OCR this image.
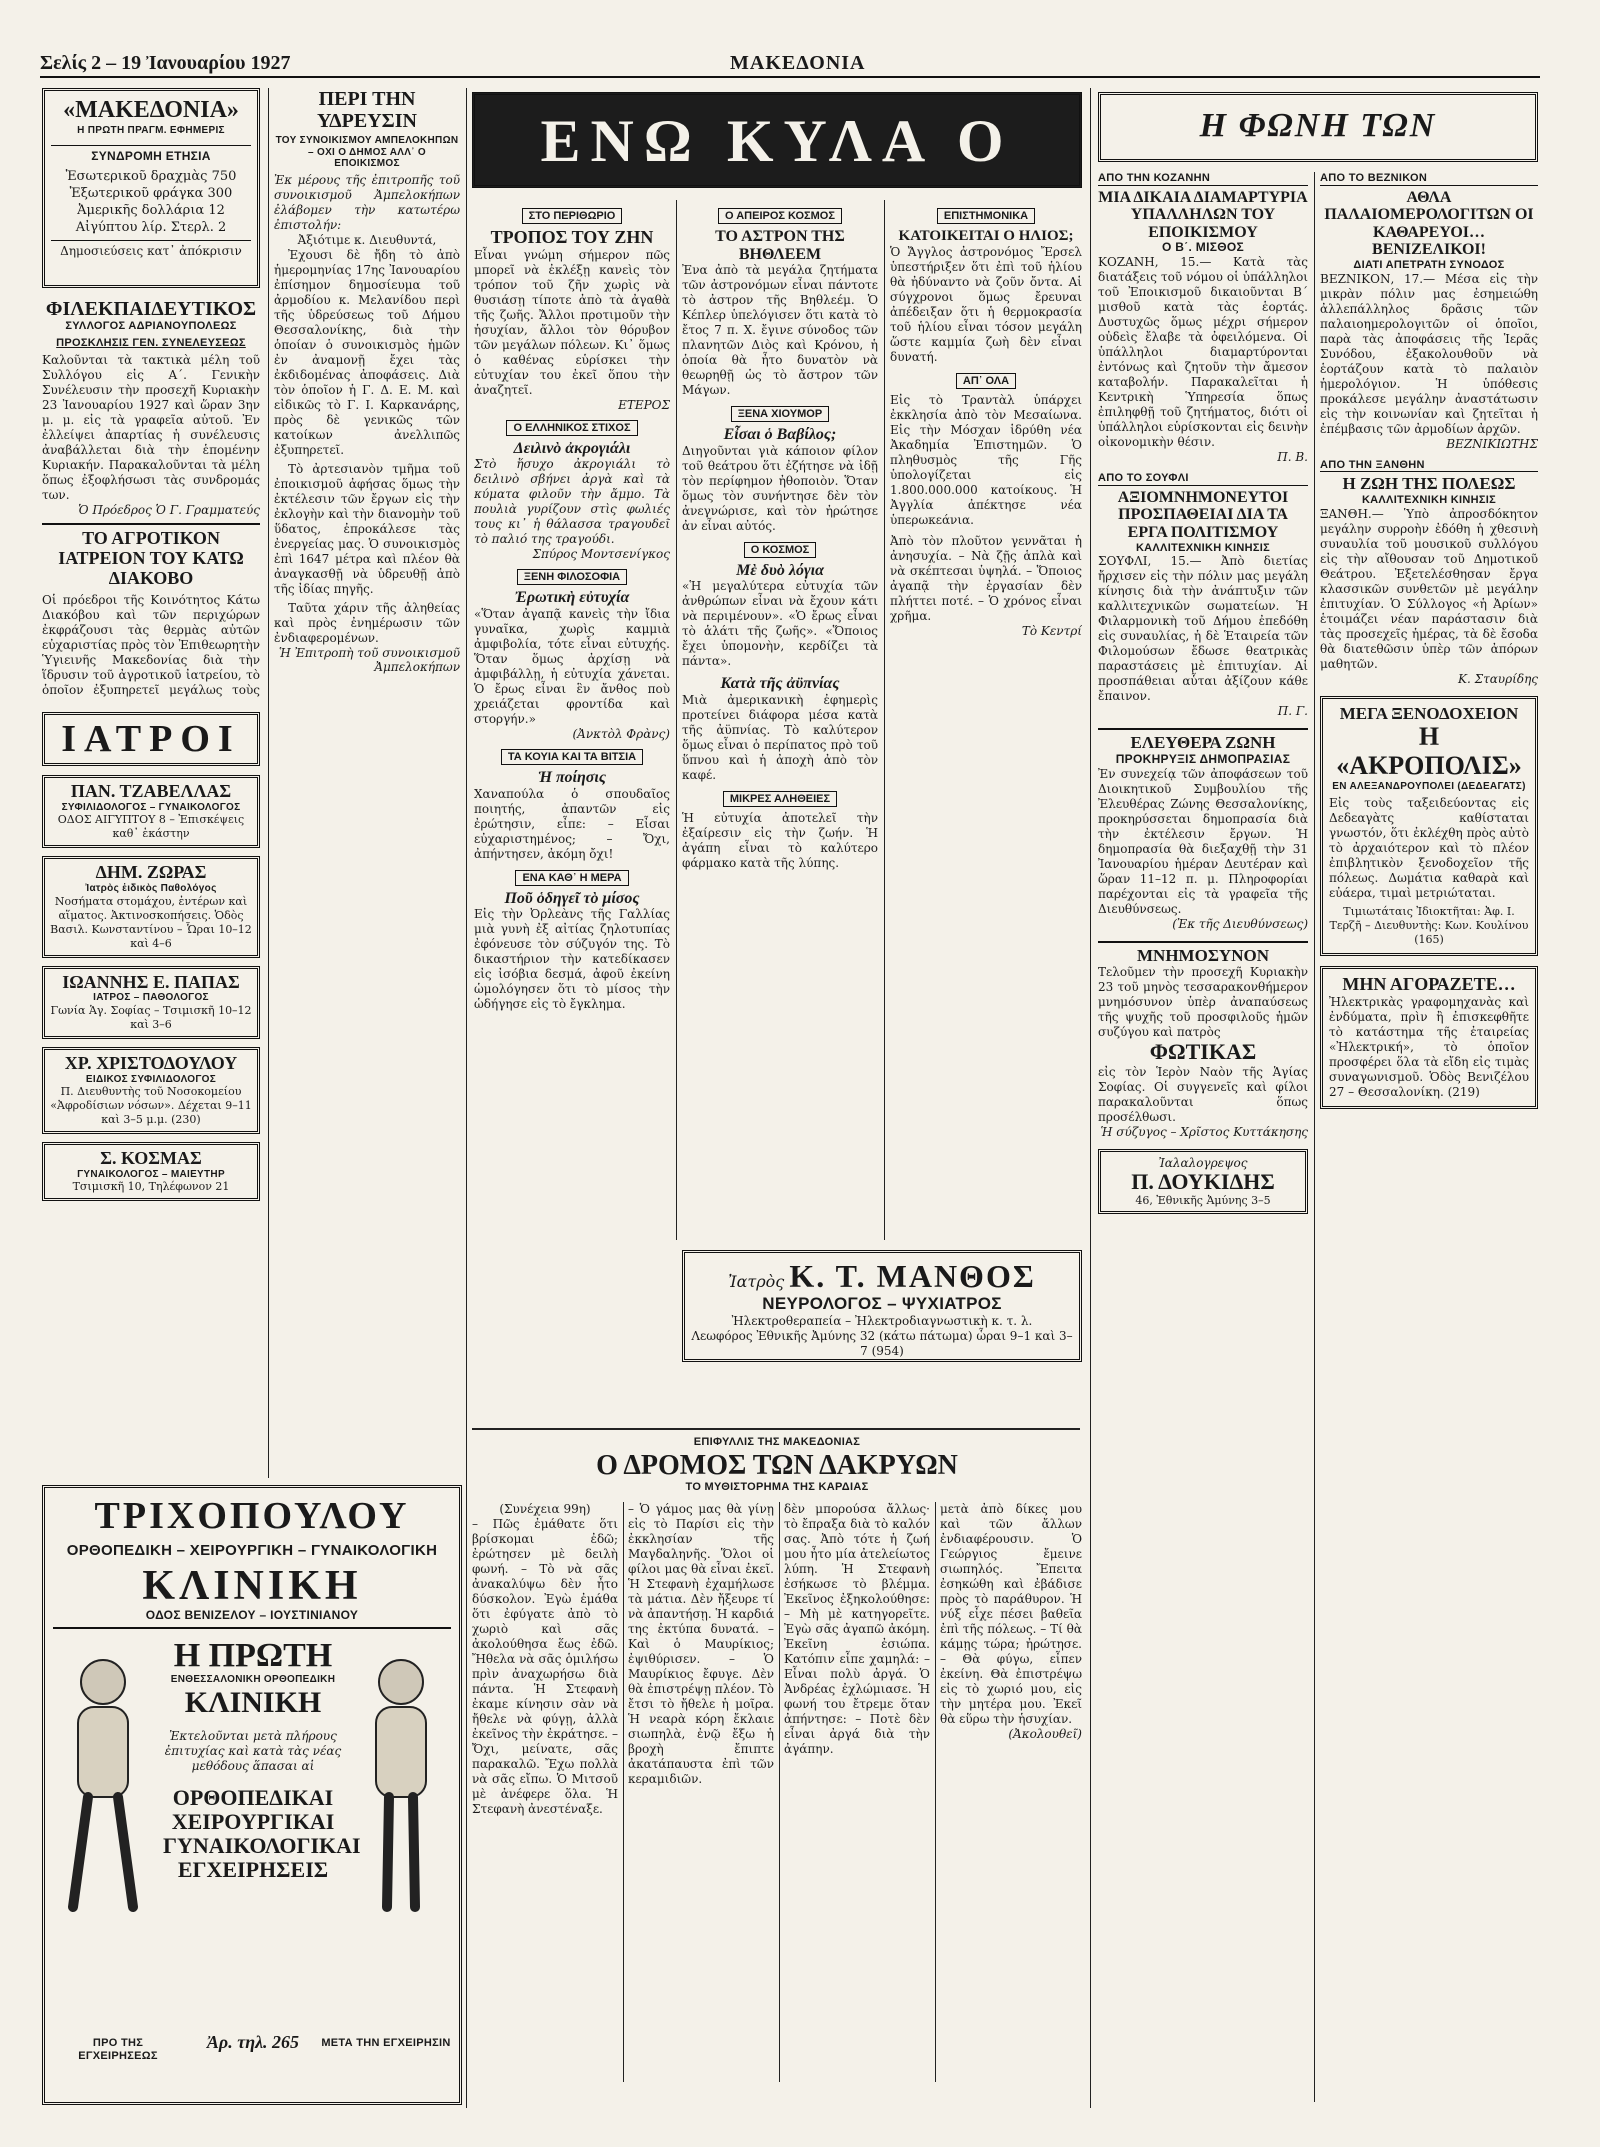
Σελίς 2 – 19 Ἰανουαρίου 1927	ΜΑΚΕΔΟΝΙΑ
«ΜΑΚΕΔΟΝΙΑ»
Η ΠΡΩΤΗ ΠΡΑΓΜ. ΕΦΗΜΕΡΙΣ
ΣΥΝΔΡΟΜΗ ΕΤΗΣΙΑ
Ἐσωτερικοῦ δραχμὰς 750
Ἐξωτερικοῦ φράγκα 300
Ἀμερικῆς δολλάρια 12
Αἰγύπτου λίρ. Στερλ. 2
Δημοσιεύσεις κατ᾽ ἀπόκρισιν
ΦΙΛΕΚΠΑΙΔΕΥΤΙΚΟΣ
ΣΥΛΛΟΓΟΣ ΑΔΡΙΑΝΟΥΠΟΛΕΩΣ
ΠΡΟΣΚΛΗΣΙΣ ΓΕΝ. ΣΥΝΕΛΕΥΣΕΩΣ
Καλοῦνται τὰ τακτικὰ μέλη τοῦ Συλλόγου εἰς Α΄. Γενικὴν Συνέλευσιν τὴν προσεχῆ Κυριακὴν 23 Ἰανουαρίου 1927 καὶ ὥραν 3ην μ. μ. εἰς τὰ γραφεῖα αὐτοῦ. Ἐν ἐλλείψει ἀπαρτίας ἡ συνέλευσις ἀναβάλλεται διὰ τὴν ἑπομένην Κυριακήν. Παρακαλοῦνται τὰ μέλη ὅπως ἐξοφλήσωσι τὰς συνδρομάς των.
Ὁ Πρόεδρος Ὁ Γ. Γραμματεύς
ΤΟ ΑΓΡΟΤΙΚΟΝ ΙΑΤΡΕΙΟΝ ΤΟΥ ΚΑΤΩ ΔΙΑΚΟΒΟ
Οἱ πρόεδροι τῆς Κοινότητος Κάτω Διακόβου καὶ τῶν περιχώρων ἐκφράζουσι τὰς θερμὰς αὐτῶν εὐχαριστίας πρὸς τὸν Ἐπιθεωρητὴν Ὑγιεινῆς Μακεδονίας διὰ τὴν ἵδρυσιν τοῦ ἀγροτικοῦ ἰατρείου, τὸ ὁποῖον ἐξυπηρετεῖ μεγάλως τοὺς
ΙΑΤΡΟΙ
ΠΑΝ. ΤΖΑΒΕΛΛΑΣ
ΣΥΦΙΛΙΔΟΛΟΓΟΣ – ΓΥΝΑΙΚΟΛΟΓΟΣ
ΟΔΟΣ ΑΙΓΥΠΤΟΥ 8 – Ἐπισκέψεις καθ᾽ ἑκάστην
ΔΗΜ. ΖΩΡΑΣ
Ἰατρὸς ἐιδικὸς Παθολόγος
Νοσήματα στομάχου, ἐντέρων καὶ αἵματος. Ἀκτινοσκοπήσεις. Ὁδὸς Βασιλ. Κωνσταντίνου – Ὧραι 10–12 καὶ 4–6
ΙΩΑΝΝΗΣ Ε. ΠΑΠΑΣ
ΙΑΤΡΟΣ – ΠΑΘΟΛΟΓΟΣ
Γωνία Ἁγ. Σοφίας – Τσιμισκῆ 10–12 καὶ 3–6
ΧΡ. ΧΡΙΣΤΟΔΟΥΛΟΥ
ΕΙΔΙΚΟΣ ΣΥΦΙΛΙΔΟΛΟΓΟΣ
Π. Διευθυντὴς τοῦ Νοσοκομείου «Ἀφροδίσιων νόσων». Δέχεται 9–11 καὶ 3–5 μ.μ. (230)
Σ. ΚΟΣΜΑΣ
ΓΥΝΑΙΚΟΛΟΓΟΣ – ΜΑΙΕΥΤΗΡ
Τσιμισκῆ 10, Τηλέφωνον 21
ΤΡΙΧΟΠΟΥΛΟΥ
ΟΡΘΟΠΕΔΙΚΗ – ΧΕΙΡΟΥΡΓΙΚΗ – ΓΥΝΑΙΚΟΛΟΓΙΚΗ
ΚΛΙΝΙΚΗ
ΟΔΟΣ ΒΕΝΙΖΕΛΟΥ – ΙΟΥΣΤΙΝΙΑΝΟΥ
Η ΠΡΩΤΗ
ΕΝΘΕΣΣΑΛΟΝΙΚΗ ΟΡΘΟΠΕΔΙΚΗ
ΚΛΙΝΙΚΗ
Ἐκτελοῦνται μετὰ πλήρους ἐπιτυχίας καὶ κατὰ τὰς νέας μεθόδους ἅπασαι αἱ
ΟΡΘΟΠΕΔΙΚΑΙ ΧΕΙΡΟΥΡΓΙΚΑΙ ΓΥΝΑΙΚΟΛΟΓΙΚΑΙ ΕΓΧΕΙΡΗΣΕΙΣ
ΠΡΟ ΤΗΣ ΕΓΧΕΙΡΗΣΕΩΣ
Ἀρ. τηλ. 265	ΜΕΤΑ ΤΗΝ ΕΓΧΕΙΡΗΣΙΝ
ΠΕΡΙ ΤΗΝ ΥΔΡΕΥΣΙΝ
ΤΟΥ ΣΥΝΟΙΚΙΣΜΟΥ ΑΜΠΕΛΟΚΗΠΩΝ – ΟΧΙ Ο ΔΗΜΟΣ ΑΛΛ᾽ Ο ΕΠΟΙΚΙΣΜΟΣ
Ἐκ μέρους τῆς ἐπιτροπῆς τοῦ συνοικισμοῦ Ἀμπελοκήπων ἐλάβομεν τὴν κατωτέρω ἐπιστολήν:
Ἀξιότιμε κ. Διευθυντά,
Ἐχουσι δὲ ἤδη τὸ ἀπὸ ἡμερομηνίας 17ης Ἰανουαρίου ἐπίσημον δημοσίευμα τοῦ ἀρμοδίου κ. Μελανίδου περὶ τῆς ὑδρεύσεως τοῦ Δήμου Θεσσαλονίκης, διὰ τὴν ὁποίαν ὁ συνοικισμὸς ἡμῶν ἐν ἀναμονῇ ἔχει τὰς ἐκδιδομένας ἀποφάσεις. Διὰ τὸν ὁποῖον ἡ Γ. Δ. Ε. Μ. καὶ εἰδικῶς τὸ Γ. Ι. Καρκανάρης, πρὸς δὲ γενικῶς τῶν κατοίκων ἀνελλιπῶς ἐξυπηρετεῖ.
Τὸ ἀρτεσιανὸν τμῆμα τοῦ ἐποικισμοῦ ἀφήσας ὅμως τὴν ἐκτέλεσιν τῶν ἔργων εἰς τὴν ἐκλογὴν καὶ τὴν διανομὴν τοῦ ὕδατος, ἐπροκάλεσε τὰς ἐνεργείας μας. Ὁ συνοικισμὸς ἐπὶ 1647 μέτρα καὶ πλέον θὰ ἀναγκασθῇ νὰ ὑδρευθῇ ἀπὸ τῆς ἰδίας πηγῆς.
Ταῦτα χάριν τῆς ἀληθείας καὶ πρὸς ἐνημέρωσιν τῶν ἐνδιαφερομένων.
Ἡ Ἐπιτροπὴ τοῦ συνοικισμοῦ Ἀμπελοκήπων
ΕΝΩ ΚΥΛΑ Ο
ΣΤΟ ΠΕΡΙΘΩΡΙΟ
ΤΡΟΠΟΣ ΤΟΥ ΖΗΝ
Εἶναι γνώμη σήμερον πῶς μπορεῖ νὰ ἐκλέξῃ κανεὶς τὸν τρόπον τοῦ ζῆν χωρὶς νὰ θυσιάσῃ τίποτε ἀπὸ τὰ ἀγαθὰ τῆς ζωῆς. Ἄλλοι προτιμοῦν τὴν ἡσυχίαν, ἄλλοι τὸν θόρυβον τῶν μεγάλων πόλεων. Κι᾽ ὅμως ὁ καθένας εὑρίσκει τὴν εὐτυχίαν του ἐκεῖ ὅπου τὴν ἀναζητεῖ.
ΕΤΕΡΟΣ
Ο ΕΛΛΗΝΙΚΟΣ ΣΤΙΧΟΣ
Δειλινὸ ἀκρογιάλι
Στὸ ἥσυχο ἀκρογιάλι τὸ δειλινὸ σβήνει ἀργὰ καὶ τὰ κύματα φιλοῦν τὴν ἄμμο. Τὰ πουλιὰ γυρίζουν στὶς φωλιές τους κι᾽ ἡ θάλασσα τραγουδεῖ τὸ παλιό της τραγούδι.
Σπύρος Μοντσενίγκος
ΞΕΝΗ ΦΙΛΟΣΟΦΙΑ
Ἐρωτικὴ εὐτυχία
«Ὅταν ἀγαπᾷ κανεὶς τὴν ἴδια γυναῖκα, χωρὶς καμμιὰ ἀμφιβολία, τότε εἶναι εὐτυχής. Ὅταν ὅμως ἀρχίσῃ νὰ ἀμφιβάλλῃ, ἡ εὐτυχία χάνεται. Ὁ ἔρως εἶναι ἓν ἄνθος ποὺ χρειάζεται φροντίδα καὶ στοργήν.»
(Ἀνκτὸλ Φρὰνς)
ΤΑ ΚΟΥΙΑ ΚΑΙ ΤΑ ΒΙΤΣΙΑ
Ἡ ποίησις
Χαναπούλα ὁ σπουδαῖος ποιητής, ἀπαντῶν εἰς ἐρώτησιν, εἶπε: – Εἶσαι εὐχαριστημένος; – Ὄχι, ἀπήντησεν, ἀκόμη ὄχι!
ΕΝΑ ΚΑΘ᾽ Η ΜΕΡΑ
Ποῦ ὁδηγεῖ τὸ μίσος
Εἰς τὴν Ὀρλεὰνς τῆς Γαλλίας μιὰ γυνὴ ἐξ αἰτίας ζηλοτυπίας ἐφόνευσε τὸν σύζυγόν της. Τὸ δικαστήριον τὴν κατεδίκασεν εἰς ἰσόβια δεσμά, ἀφοῦ ἐκείνη ὡμολόγησεν ὅτι τὸ μίσος τὴν ὡδήγησε εἰς τὸ ἔγκλημα.
Ο ΑΠΕΙΡΟΣ ΚΟΣΜΟΣ
ΤΟ ΑΣΤΡΟΝ ΤΗΣ ΒΗΘΛΕΕΜ
Ἐνα ἀπὸ τὰ μεγάλα ζητήματα τῶν ἀστρονόμων εἶναι πάντοτε τὸ ἀστρον τῆς Βηθλεέμ. Ὁ Κέπλερ ὑπελόγισεν ὅτι κατὰ τὸ ἔτος 7 π. Χ. ἔγινε σύνοδος τῶν πλανητῶν Διὸς καὶ Κρόνου, ἡ ὁποία θὰ ἦτο δυνατὸν νὰ θεωρηθῇ ὡς τὸ ἄστρον τῶν Μάγων.
ΞΕΝΑ ΧΙΟΥΜΟΡ
Εἶσαι ὁ Βαβίλος;
Διηγοῦνται γιὰ κάποιον φίλον τοῦ θεάτρου ὅτι ἐζήτησε νὰ ἰδῇ τὸν περίφημον ἠθοποιὸν. Ὅταν ὅμως τὸν συνήντησε δὲν τὸν ἀνεγνώρισε, καὶ τὸν ἠρώτησε ἀν εἶναι αὐτός.
Ο ΚΟΣΜΟΣ
Μὲ δυὸ λόγια
«Ἡ μεγαλύτερα εὐτυχία τῶν ἀνθρώπων εἶναι νὰ ἔχουν κάτι νὰ περιμένουν». «Ὁ ἔρως εἶναι τὸ ἁλάτι τῆς ζωῆς». «Ὅποιος ἔχει ὑπομονὴν, κερδίζει τὰ πάντα».
Κατὰ τῆς ἀϋπνίας
Μιὰ ἀμερικανικὴ ἐφημερὶς προτείνει διάφορα μέσα κατὰ τῆς ἀϋπνίας. Τὸ καλύτερον ὅμως εἶναι ὁ περίπατος πρὸ τοῦ ὕπνου καὶ ἡ ἀποχὴ ἀπὸ τὸν καφέ.
ΜΙΚΡΕΣ ΑΛΗΘΕΙΕΣ
Ἡ εὐτυχία ἀποτελεῖ τὴν ἐξαίρεσιν εἰς τὴν ζωήν. Ἡ ἀγάπη εἶναι τὸ καλύτερο φάρμακο κατὰ τῆς λύπης.
ΕΠΙΣΤΗΜΟΝΙΚΑ
ΚΑΤΟΙΚΕΙΤΑΙ Ο ΗΛΙΟΣ;
Ὁ Ἄγγλος ἀστρονόμος Ἔρσελ ὑπεστήριξεν ὅτι ἐπὶ τοῦ ἡλίου θὰ ἠδύναντο νὰ ζοῦν ὄντα. Αἱ σύγχρονοι ὅμως ἔρευναι ἀπέδειξαν ὅτι ἡ θερμοκρασία τοῦ ἡλίου εἶναι τόσον μεγάλη ὥστε καμμία ζωὴ δὲν εἶναι δυνατή.
ΑΠ᾽ ΟΛΑ
Εἰς τὸ Τραντὰλ ὑπάρχει ἐκκλησία ἀπὸ τὸν Μεσαίωνα. Εἰς τὴν Μόσχαν ἱδρύθη νέα Ἀκαδημία Ἐπιστημῶν. Ὁ πληθυσμὸς τῆς Γῆς ὑπολογίζεται εἰς 1.800.000.000 κατοίκους. Ἡ Ἀγγλία ἀπέκτησε νέα ὑπερωκεάνια.
Ἀπὸ τὸν πλοῦτον γεννᾶται ἡ ἀνησυχία. – Νὰ ζῇς ἁπλὰ καὶ νὰ σκέπτεσαι ὑψηλά. – Ὅποιος ἀγαπᾷ τὴν ἐργασίαν δὲν πλήττει ποτέ. – Ὁ χρόνος εἶναι χρῆμα.
Τὸ Κεντρί
Ἰατρὸς Κ. Τ. ΜΑΝΘΟΣ
ΝΕΥΡΟΛΟΓΟΣ – ΨΥΧΙΑΤΡΟΣ
Ἠλεκτροθεραπεία – Ἠλεκτροδιαγνωστικὴ κ. τ. λ.
Λεωφόρος Ἐθνικῆς Ἀμύνης 32 (κάτω πάτωμα) ὧραι 9–1 καὶ 3–7 (954)
ΕΠΙΦΥΛΛΙΣ ΤΗΣ ΜΑΚΕΔΟΝΙΑΣ
Ο ΔΡΟΜΟΣ ΤΩΝ ΔΑΚΡΥΩΝ
ΤΟ ΜΥΘΙΣΤΟΡΗΜΑ ΤΗΣ ΚΑΡΔΙΑΣ
(Συνέχεια 99η)
– Πῶς ἐμάθατε ὅτι βρίσκομαι ἐδῶ; ἐρώτησεν μὲ δειλὴ φωνή. – Τὸ νὰ σᾶς ἀνακαλύψω δὲν ἦτο δύσκολον. Ἐγὼ ἐμάθα ὅτι ἐφύγατε ἀπὸ τὸ χωριὸ καὶ σᾶς ἀκολούθησα ἕως ἐδῶ. Ἤθελα νὰ σᾶς ὁμιλήσω πρὶν ἀναχωρήσω διὰ πάντα. Ἡ Στεφανὴ ἐκαμε κίνησιν σὰν νὰ ἤθελε νὰ φύγῃ, ἀλλὰ ἐκεῖνος τὴν ἐκράτησε. – Ὄχι, μείνατε, σᾶς παρακαλῶ. Ἔχω πολλὰ νὰ σᾶς εἴπω. Ὁ Μιτσοῦ μὲ ἀνέφερε ὅλα. Ἡ Στεφανὴ ἀνεστέναξε.
– Ὁ γάμος μας θὰ γίνῃ εἰς τὸ Παρίσι εἰς τὴν ἐκκλησίαν τῆς Μαγδαληνῆς. Ὅλοι οἱ φίλοι μας θὰ εἶναι ἐκεῖ. Ἡ Στεφανὴ ἐχαμήλωσε τὰ μάτια. Δὲν ἤξευρε τί νὰ ἀπαντήσῃ. Ἡ καρδιά της ἐκτύπα δυνατά. – Καὶ ὁ Μαυρίκιος; ἐψιθύρισεν. – Ὁ Μαυρίκιος ἔφυγε. Δὲν θὰ ἐπιστρέψῃ πλέον. Τὸ ἔτσι τὸ ἤθελε ἡ μοῖρα. Ἡ νεαρὰ κόρη ἔκλαιε σιωπηλὰ, ἐνῷ ἔξω ἡ βροχὴ ἔπιπτε ἀκατάπαυστα ἐπὶ τῶν κεραμιδιῶν.
δὲν μπορούσα ἄλλως· τὸ ἔπραξα διὰ τὸ καλόν σας. Ἀπὸ τότε ἡ ζωή μου ἦτο μία ἀτελείωτος λύπη. Ἡ Στεφανὴ ἐσήκωσε τὸ βλέμμα. Ἐκεῖνος ἐξηκολούθησε: – Μὴ μὲ κατηγορεῖτε. Ἐγὼ σᾶς ἀγαπῶ ἀκόμη. Ἐκεῖνη ἐσιώπα. Κατόπιν εἶπε χαμηλά: – Εἶναι πολὺ ἀργά. Ὁ Ἀνδρέας ἐχλώμιασε. Ἡ φωνή του ἔτρεμε ὅταν ἀπήντησε: – Ποτὲ δὲν εἶναι ἀργά διὰ τὴν ἀγάπην.
μετὰ ἀπὸ δίκες μου καὶ τῶν ἄλλων ἐνδιαφέρουσιν. Ὁ Γεώργιος ἔμεινε σιωπηλός. Ἔπειτα ἐσηκώθη καὶ ἐβάδισε πρὸς τὸ παράθυρον. Ἡ νύξ εἶχε πέσει βαθεῖα ἐπὶ τῆς πόλεως. – Τί θὰ κάμῃς τώρα; ἠρώτησε. – Θὰ φύγω, εἶπεν ἐκείνη. Θὰ ἐπιστρέψω εἰς τὸ χωριό μου, εἰς τὴν μητέρα μου. Ἐκεῖ θὰ εὕρω τὴν ἡσυχίαν.
(Ἀκολουθεῖ)
Η ΦΩΝΗ ΤΩΝ
ΑΠΟ ΤΗΝ ΚΟΖΑΝΗΝ
ΜΙΑ ΔΙΚΑΙΑ ΔΙΑΜΑΡΤΥΡΙΑ ΥΠΑΛΛΗΛΩΝ ΤΟΥ ΕΠΟΙΚΙΣΜΟΥ
Ο Β΄. ΜΙΣΘΟΣ
ΚΟΖΑΝΗ, 15.— Κατὰ τὰς διατάξεις τοῦ νόμου οἱ ὑπάλληλοι τοῦ Ἐποικισμοῦ δικαιοῦνται Β΄ μισθοῦ κατὰ τὰς ἑορτάς. Δυστυχῶς ὅμως μέχρι σήμερον οὐδεὶς ἔλαβε τὰ ὀφειλόμενα. Οἱ ὑπάλληλοι διαμαρτύρονται ἐντόνως καὶ ζητοῦν τὴν ἄμεσον καταβολήν. Παρακαλεῖται ἡ Κεντρικὴ Ὑπηρεσία ὅπως ἐπιληφθῇ τοῦ ζητήματος, διότι οἱ ὑπάλληλοι εὑρίσκονται εἰς δεινὴν οἰκονομικὴν θέσιν.
Π. Β.
ΑΠΟ ΤΟ ΣΟΥΦΛΙ
ΑΞΙΟΜΝΗΜΟΝΕΥΤΟΙ ΠΡΟΣΠΑΘΕΙΑΙ ΔΙΑ ΤΑ ΕΡΓΑ ΠΟΛΙΤΙΣΜΟΥ
ΚΑΛΛΙΤΕΧΝΙΚΗ ΚΙΝΗΣΙΣ
ΣΟΥΦΛΙ, 15.— Ἀπὸ διετίας ἤρχισεν εἰς τὴν πόλιν μας μεγάλη κίνησις διὰ τὴν ἀνάπτυξιν τῶν καλλιτεχνικῶν σωματείων. Ἡ Φιλαρμονικὴ τοῦ Δήμου ἐπεδόθη εἰς συναυλίας, ἡ δὲ Ἑταιρεία τῶν Φιλομούσων ἔδωσε θεατρικὰς παραστάσεις μὲ ἐπιτυχίαν. Αἱ προσπάθειαι αὗται ἀξίζουν κάθε ἔπαινον.
Π. Γ.
ΕΛΕΥΘΕΡΑ ΖΩΝΗ
ΠΡΟΚΗΡΥΞΙΣ ΔΗΜΟΠΡΑΣΙΑΣ
Ἐν συνεχείᾳ τῶν ἀποφάσεων τοῦ Διοικητικοῦ Συμβουλίου τῆς Ἐλευθέρας Ζώνης Θεσσαλονίκης, προκηρύσσεται δημοπρασία διὰ τὴν ἐκτέλεσιν ἔργων. Ἡ δημοπρασία θὰ διεξαχθῇ τὴν 31 Ἰανουαρίου ἡμέραν Δευτέραν καὶ ὥραν 11–12 π. μ. Πληροφορίαι παρέχονται εἰς τὰ γραφεῖα τῆς Διευθύνσεως.
(Ἐκ τῆς Διευθύνσεως)
ΜΝΗΜΟΣΥΝΟΝ
Τελοῦμεν τὴν προσεχῆ Κυριακὴν 23 τοῦ μηνὸς τεσσαρακονθήμερον μνημόσυνον ὑπὲρ ἀναπαύσεως τῆς ψυχῆς τοῦ προσφιλοῦς ἡμῶν συζύγου καὶ πατρὸς
ΦΩΤΙΚΑΣ
εἰς τὸν Ἱερὸν Ναὸν τῆς Ἁγίας Σοφίας. Οἱ συγγενεῖς καὶ φίλοι παρακαλοῦνται ὅπως προσέλθωσι.
Ἡ σύζυγος – Χρῖστος Κυττάκησης
Ἰαλαλογρεψος
Π. ΔΟΥΚΙΔΗΣ
46, Ἐθνικῆς Ἀμύνης 3–5
ΑΠΟ ΤΟ ΒΕΖΝΙΚΟΝ
ΑΘΛΑ ΠΑΛΑΙΟΜΕΡΟΛΟΓΙΤΩΝ ΟΙ ΚΑΘΑΡΕΥΟΙ… ΒΕΝΙΖΕΛΙΚΟΙ!
ΔΙΑΤΙ ΑΠΕΤΡΑΤΗ ΣΥΝΟΔΟΣ
ΒΕΖΝΙΚΟΝ, 17.— Μέσα εἰς τὴν μικρὰν πόλιν μας ἐσημειώθη ἀλλεπάλληλος δρᾶσις τῶν παλαιοημερολογιτῶν οἱ ὁποῖοι, παρὰ τὰς ἀποφάσεις τῆς Ἱερᾶς Συνόδου, ἐξακολουθοῦν νὰ ἑορτάζουν κατὰ τὸ παλαιὸν ἡμερολόγιον. Ἡ ὑπόθεσις προκάλεσε μεγάλην ἀναστάτωσιν εἰς τὴν κοινωνίαν καὶ ζητεῖται ἡ ἐπέμβασις τῶν ἀρμοδίων ἀρχῶν.
ΒΕΖΝΙΚΙΩΤΗΣ
ΑΠΟ ΤΗΝ ΞΑΝΘΗΝ
Η ΖΩΗ ΤΗΣ ΠΟΛΕΩΣ
ΚΑΛΛΙΤΕΧΝΙΚΗ ΚΙΝΗΣΙΣ
ΞΑΝΘΗ.— Ὑπὸ ἀπροσδόκητον μεγάλην συρροὴν ἐδόθη ἡ χθεσινὴ συναυλία τοῦ μουσικοῦ συλλόγου εἰς τὴν αἴθουσαν τοῦ Δημοτικοῦ Θεάτρου. Ἐξετελέσθησαν ἔργα κλασσικῶν συνθετῶν μὲ μεγάλην ἐπιτυχίαν. Ὁ Σύλλογος «ἡ Ἀρίων» ἑτοιμάζει νέαν παράστασιν διὰ τὰς προσεχεῖς ἡμέρας, τὰ δὲ ἔσοδα θὰ διατεθῶσιν ὑπὲρ τῶν ἀπόρων μαθητῶν.
Κ. Σταυρίδης
ΜΕΓΑ ΞΕΝΟΔΟΧΕΙΟΝ
Η «ΑΚΡΟΠΟΛΙΣ»
ΕΝ ΑΛΕΞΑΝΔΡΟΥΠΟΛΕΙ (ΔΕΔΕΑΓΑΤΣ)
Εἰς τοὺς ταξειδεύοντας εἰς Δεδεαγὰτς καθίσταται γνωστόν, ὅτι ἐκλέχθη πρὸς αὐτὸ τὸ ἀρχαιότερον καὶ τὸ πλέον ἐπιβλητικὸν ξενοδοχεῖον τῆς πόλεως. Δωμάτια καθαρὰ καὶ εὐάερα, τιμαὶ μετριώταται.
Τιμιωτάταις Ἰδιοκτῆται: Ἀφ. Ι. Τερζῆ – Διευθυντὴς: Κων. Κουλίνου (165)
ΜΗΝ ΑΓΟΡΑΖΕΤΕ…
Ἠλεκτρικὰς γραφομηχανὰς καὶ ἐνδύματα, πρὶν ἢ ἐπισκεφθῆτε τὸ κατάστημα τῆς ἐταιρείας «Ἠλεκτρική», τὸ ὁποῖον προσφέρει ὅλα τὰ εἴδη εἰς τιμὰς συναγωνισμοῦ. Ὁδὸς Βενιζέλου 27 – Θεσσαλονίκη. (219)
